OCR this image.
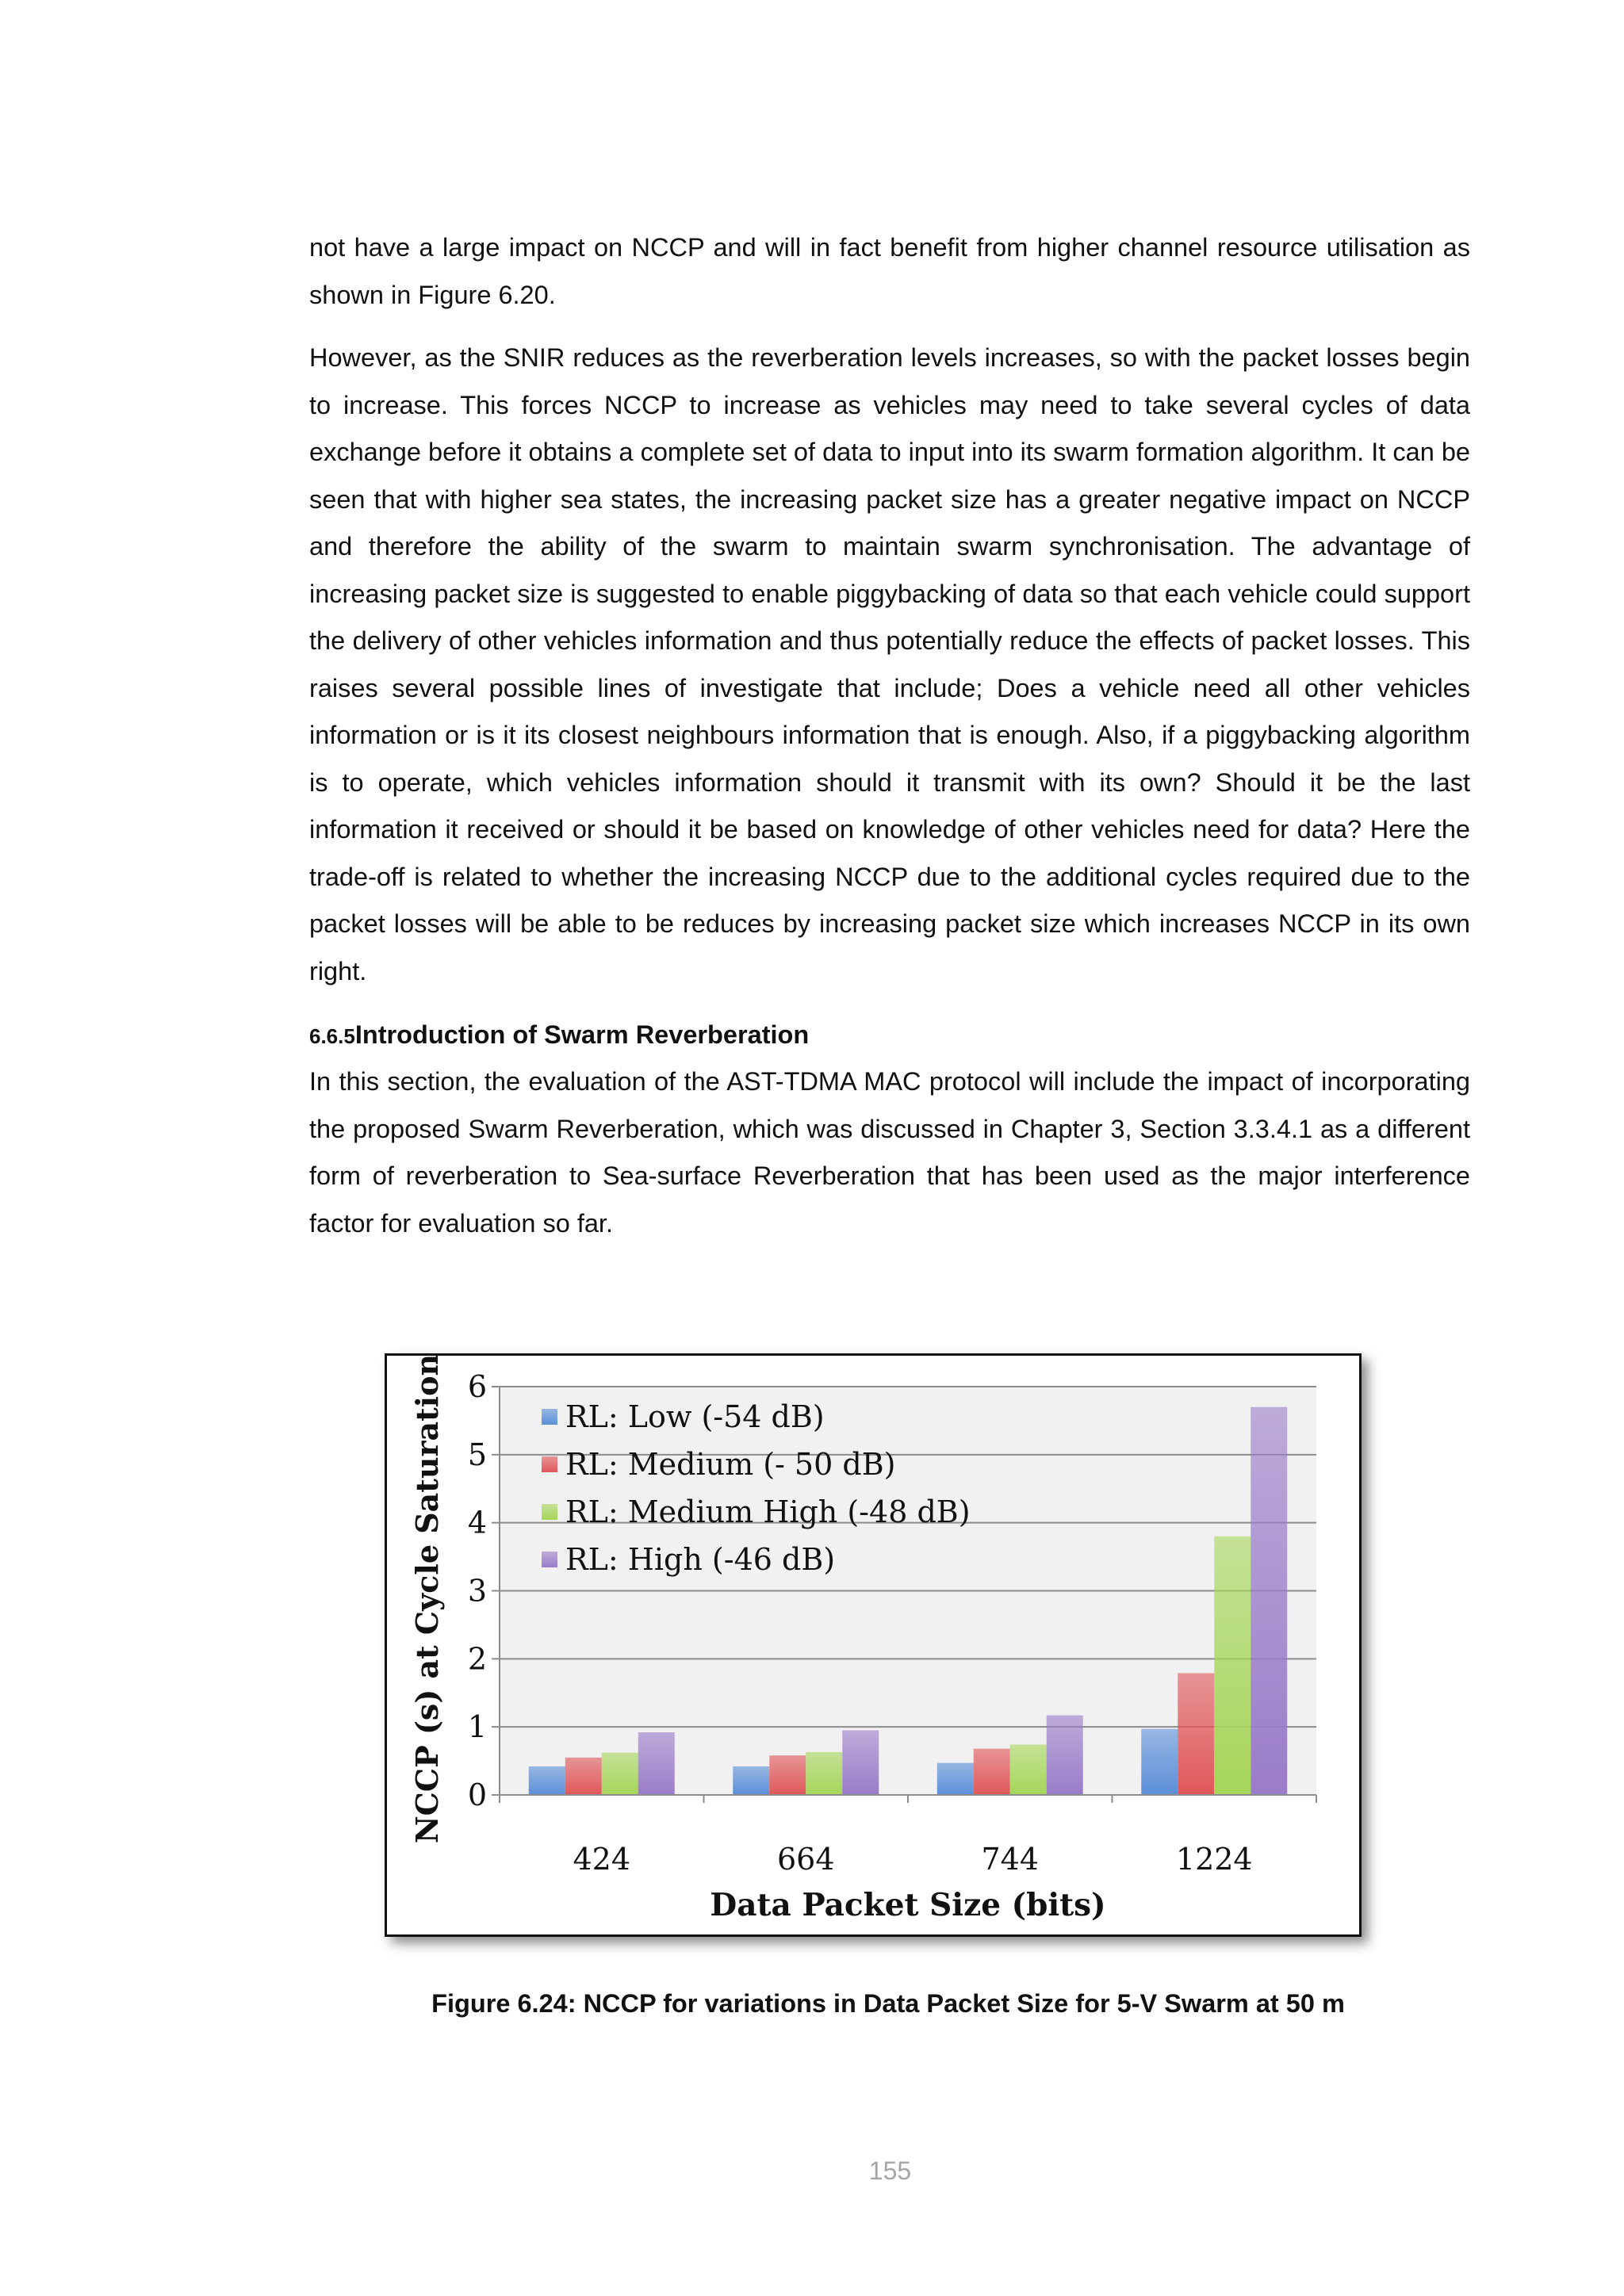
not have a large impact on NCCP and will in fact benefit from higher channel resource utilisation as shown in Figure 6.20.

However, as the SNIR reduces as the reverberation levels increases, so with the packet losses begin to increase. This forces NCCP to increase as vehicles may need to take several cycles of data exchange before it obtains a complete set of data to input into its swarm formation algorithm. It can be seen that with higher sea states, the increasing packet size has a greater negative impact on NCCP and therefore the ability of the swarm to maintain swarm synchronisation. The advantage of increasing packet size is suggested to enable piggybacking of data so that each vehicle could support the delivery of other vehicles information and thus potentially reduce the effects of packet losses. This raises several possible lines of investigate that include; Does a vehicle need all other vehicles information or is it its closest neighbours information that is enough. Also, if a piggybacking algorithm is to operate, which vehicles information should it transmit with its own? Should it be the last information it received or should it be based on knowledge of other vehicles need for data? Here the trade-off is related to whether the increasing NCCP due to the additional cycles required due to the packet losses will be able to be reduces by increasing packet size which increases NCCP in its own right.

6.6.5Introduction of Swarm Reverberation

In this section, the evaluation of the AST-TDMA MAC protocol will include the impact of incorporating the proposed Swarm Reverberation, which was discussed in Chapter 3, Section 3.3.4.1 as a different form of reverberation to Sea-surface Reverberation that has been used as the major interference factor for evaluation so far.

0
1
2
3
4
5
6
424	664	744	1224
Data Packet Size (bits)
NCCP (s) at Cycle Saturation	RL: Low (-54 dB)
RL: Medium (- 50 dB)
RL: Medium High (-48 dB)
RL: High (-46 dB)
Figure 6.24: NCCP for variations in Data Packet Size for 5-V Swarm at 50 m
155
